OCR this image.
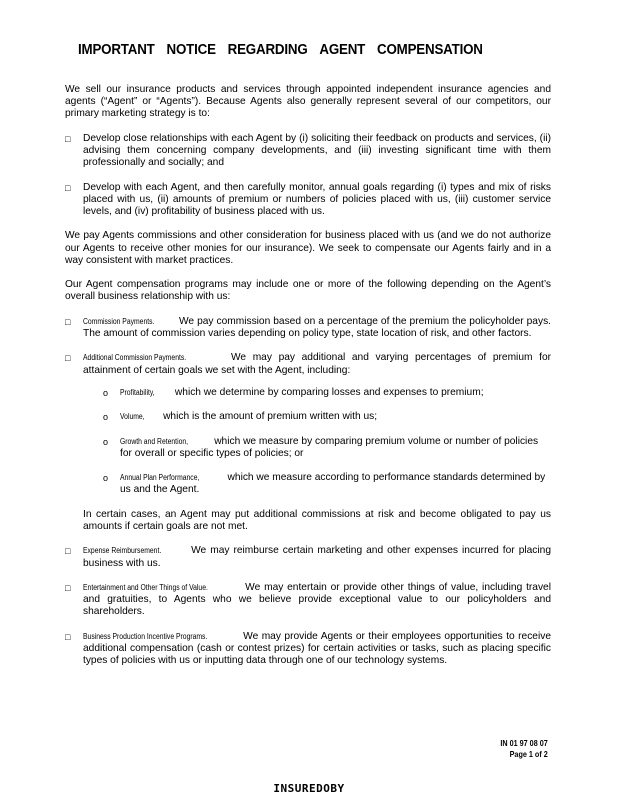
IMPORTANT NOTICE REGARDING AGENT COMPENSATION

We sell our insurance products and services through appointed independent insurance agencies and agents (“Agent” or “Agents”). Because Agents also generally represent several of our competitors, our primary marketing strategy is to:

□ Develop close relationships with each Agent by (i) soliciting their feedback on products and services, (ii) advising them concerning company developments, and (iii) investing significant time with them professionally and socially; and
□ Develop with each Agent, and then carefully monitor, annual goals regarding (i) types and mix of risks placed with us, (ii) amounts of premium or numbers of policies placed with us, (iii) customer service levels, and (iv) profitability of business placed with us.

We pay Agents commissions and other consideration for business placed with us (and we do not authorize our Agents to receive other monies for our insurance). We seek to compensate our Agents fairly and in a way consistent with market practices.

Our Agent compensation programs may include one or more of the following depending on the Agent’s overall business relationship with us:

□	Commission Payments. We pay commission based on a percentage of the premium the policyholder pays. The amount of commission varies depending on policy type, state location of risk, and other factors.
□	Additional Commission Payments.	We may pay additional and varying percentages of premium for attainment of certain goals we set with the Agent, including:
o Profitability, which we determine by comparing losses and expenses to premium;
o Volume, which is the amount of premium written with us;
o Growth and Retention,	which we measure by comparing premium volume or number of policies for overall or specific types of policies; or
o Annual Plan Performance,	which we measure according to performance standards determined by us and the Agent.
In certain cases, an Agent may put additional commissions at risk and become obligated to pay us amounts if certain goals are not met.
□	Expense Reimbursement.	We may reimburse certain marketing and other expenses incurred for placing business with us.
□	Entertainment and Other Things of Value.	We may entertain or provide other things of value, including travel and gratuities, to Agents who we believe provide exceptional value to our policyholders and shareholders.
□	Business Production Incentive Programs.	We may provide Agents or their employees opportunities to receive additional compensation (cash or contest prizes) for certain activities or tasks, such as placing specific types of policies with us or inputting data through one of our technology systems.
IN 01 97 08 07
Page 1 of 2
INSUREDOBY
